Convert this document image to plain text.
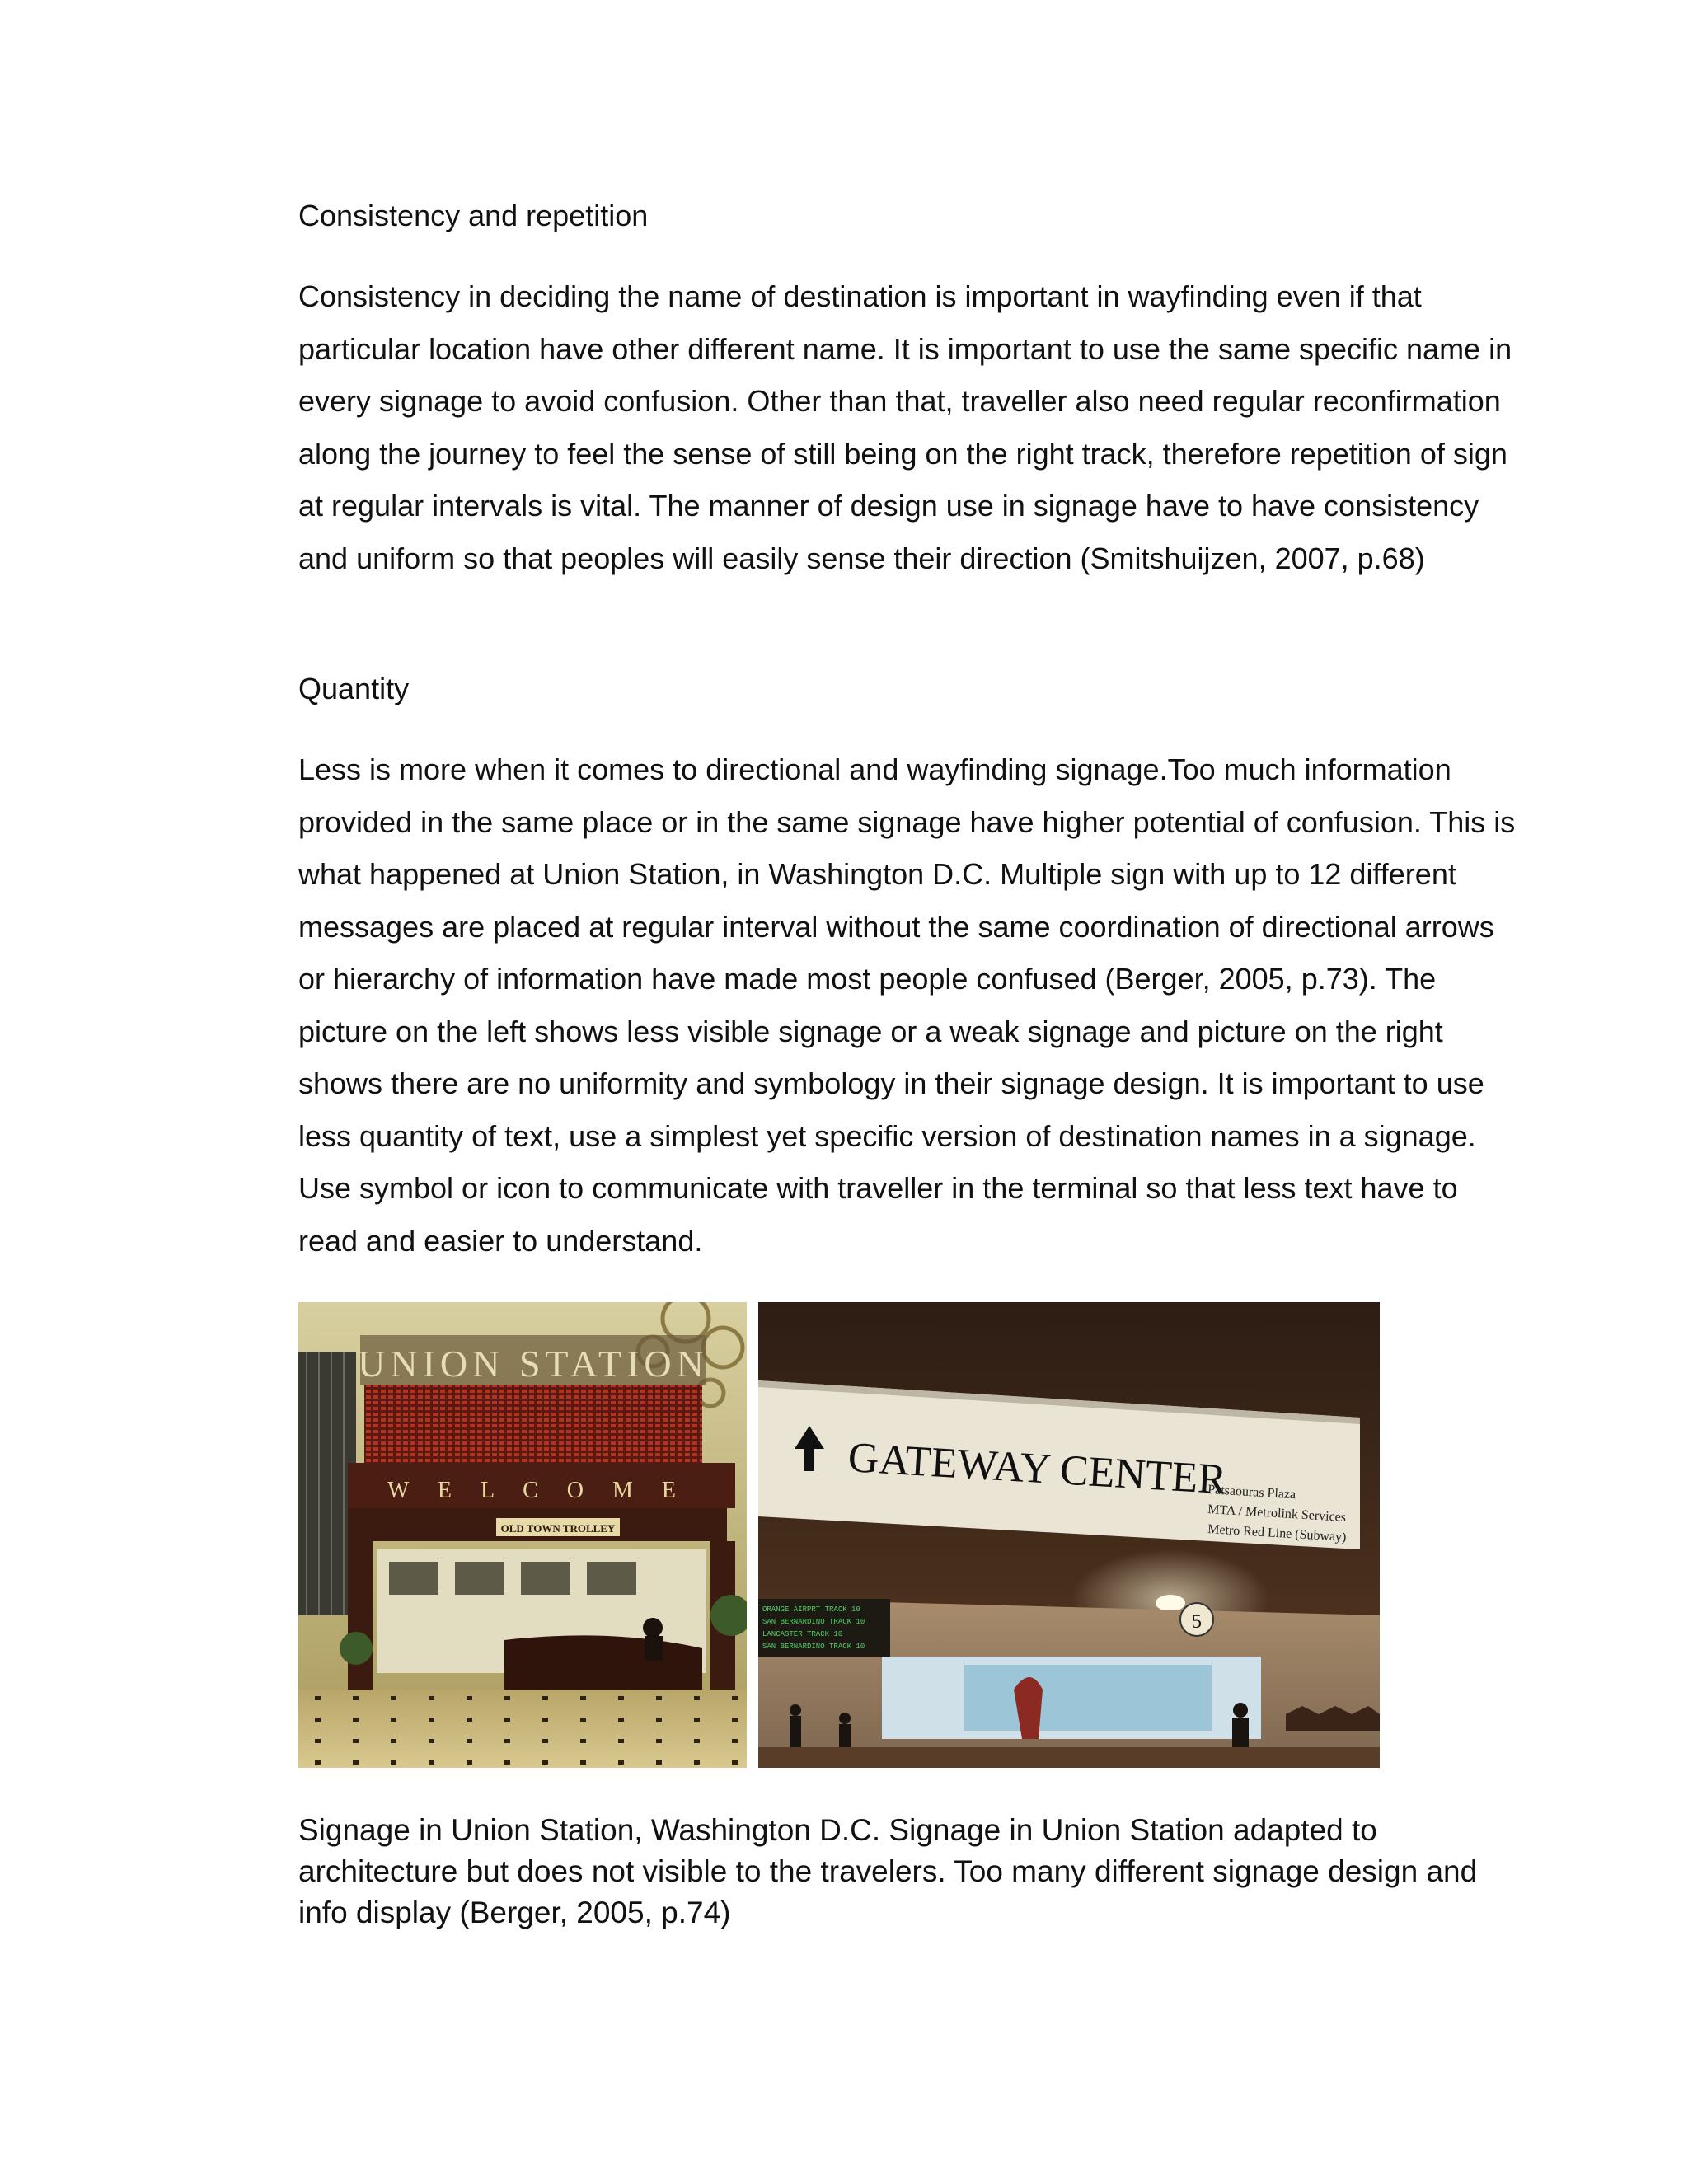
Consistency and repetition

Consistency in deciding the name of destination is important in wayfinding even if that particular location have other different name. It is important to use the same specific name in every signage to avoid confusion. Other than that, traveller also need regular reconfirmation along the journey to feel the sense of still being on the right track, therefore repetition of sign at regular intervals is vital. The manner of design use in signage have to have consistency and uniform so that peoples will easily sense their direction (Smitshuijzen, 2007, p.68)

Quantity

Less is more when it comes to directional and wayfinding signage.Too much information provided in the same place or in the same signage have higher potential of confusion. This is what happened at Union Station, in Washington D.C. Multiple sign with up to 12 different messages are placed at regular interval without the same coordination of directional arrows or hierarchy of information have made most people confused (Berger, 2005, p.73). The picture on the left shows less visible signage or a weak signage and picture on the right shows there are no uniformity and symbology in their signage design. It is important to use less quantity of text, use a simplest yet specific version of destination names in a signage. Use symbol or icon to communicate with traveller in the terminal so that less text have to read and easier to understand.

UNION STATION
W E L C O M E
OLD TOWN TROLLEY
GATEWAY CENTER
Patsaouras Plaza
MTA / Metrolink Services
Metro Red Line (Subway)
ORANGE AIRPRT TRACK 10
SAN BERNARDINO TRACK 10
LANCASTER TRACK 10
SAN BERNARDINO TRACK 10
5

Signage in Union Station, Washington D.C. Signage in Union Station adapted to architecture but does not visible to the travelers. Too many different signage design and info display (Berger, 2005, p.74)
